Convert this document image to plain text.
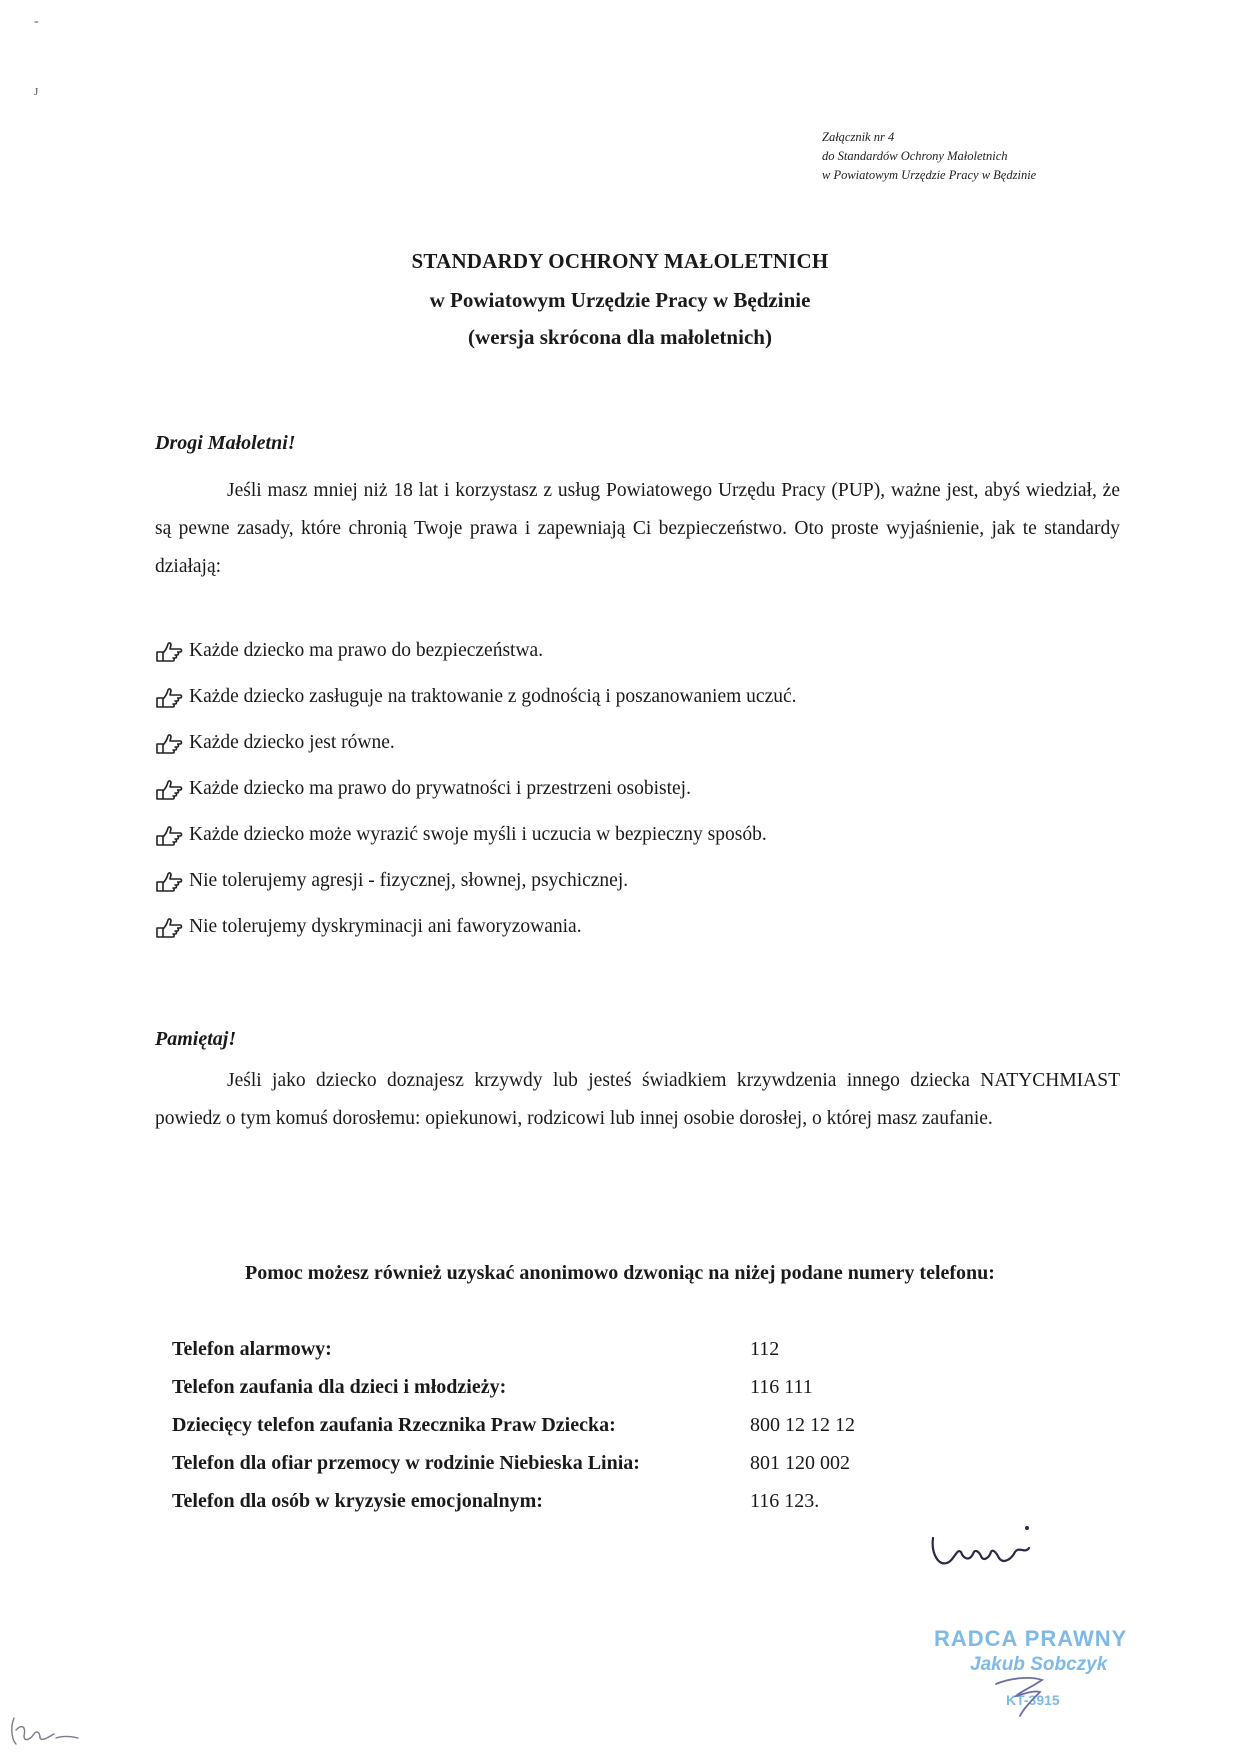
-
J
Załącznik nr 4
do Standardów Ochrony Małoletnich
w Powiatowym Urzędzie Pracy w Będzinie
STANDARDY OCHRONY MAŁOLETNICH
w Powiatowym Urzędzie Pracy w Będzinie
(wersja skrócona dla małoletnich)
Drogi Małoletni!

Jeśli masz mniej niż 18 lat i korzystasz z usług Powiatowego Urzędu Pracy (PUP), ważne jest, abyś wiedział, że są pewne zasady, które chronią Twoje prawa i zapewniają Ci bezpieczeństwo. Oto proste wyjaśnienie, jak te standardy działają:

Każde dziecko ma prawo do bezpieczeństwa.
Każde dziecko zasługuje na traktowanie z godnością i poszanowaniem uczuć.
Każde dziecko jest równe.
Każde dziecko ma prawo do prywatności i przestrzeni osobistej.
Każde dziecko może wyrazić swoje myśli i uczucia w bezpieczny sposób.
Nie tolerujemy agresji - fizycznej, słownej, psychicznej.
Nie tolerujemy dyskryminacji ani faworyzowania.
Pamiętaj!

Jeśli jako dziecko doznajesz krzywdy lub jesteś świadkiem krzywdzenia innego dziecka NATYCHMIAST powiedz o tym komuś dorosłemu: opiekunowi, rodzicowi lub innej osobie dorosłej, o której masz zaufanie.

Pomoc możesz również uzyskać anonimowo dzwoniąc na niżej podane numery telefonu:
Telefon alarmowy:	112
Telefon zaufania dla dzieci i młodzieży:	116 111
Dziecięcy telefon zaufania Rzecznika Praw Dziecka:	800 12 12 12
Telefon dla ofiar przemocy w rodzinie Niebieska Linia:	801 120 002
Telefon dla osób w kryzysie emocjonalnym:	116 123.
RADCA PRAWNY
Jakub Sobczyk
KT-3915
